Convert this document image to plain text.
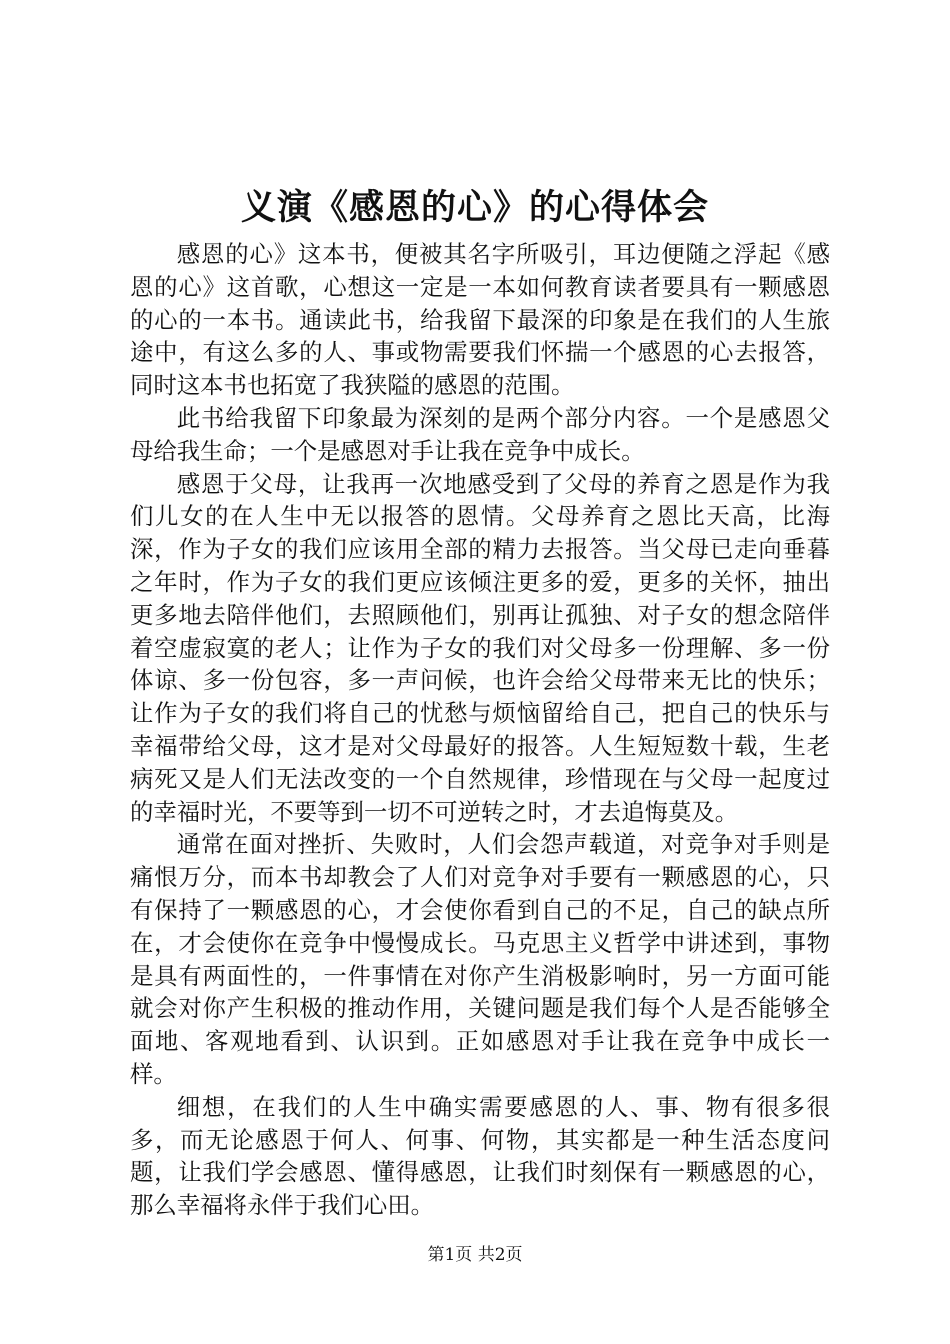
义演《感恩的心》的心得体会

感恩的心》这本书，便被其名字所吸引，耳边便随之浮起《感恩的心》这首歌，心想这一定是一本如何教育读者要具有一颗感恩的心的一本书。通读此书，给我留下最深的印象是在我们的人生旅途中，有这么多的人、事或物需要我们怀揣一个感恩的心去报答，同时这本书也拓宽了我狭隘的感恩的范围。

此书给我留下印象最为深刻的是两个部分内容。一个是感恩父母给我生命；一个是感恩对手让我在竞争中成长。

感恩于父母，让我再一次地感受到了父母的养育之恩是作为我们儿女的在人生中无以报答的恩情。父母养育之恩比天高，比海深，作为子女的我们应该用全部的精力去报答。当父母已走向垂暮之年时，作为子女的我们更应该倾注更多的爱，更多的关怀，抽出更多地去陪伴他们，去照顾他们，别再让孤独、对子女的想念陪伴着空虚寂寞的老人；让作为子女的我们对父母多一份理解、多一份体谅、多一份包容，多一声问候，也许会给父母带来无比的快乐；让作为子女的我们将自己的忧愁与烦恼留给自己，把自己的快乐与幸福带给父母，这才是对父母最好的报答。人生短短数十载，生老病死又是人们无法改变的一个自然规律，珍惜现在与父母一起度过的幸福时光，不要等到一切不可逆转之时，才去追悔莫及。

通常在面对挫折、失败时，人们会怨声载道，对竞争对手则是痛恨万分，而本书却教会了人们对竞争对手要有一颗感恩的心，只有保持了一颗感恩的心，才会使你看到自己的不足，自己的缺点所在，才会使你在竞争中慢慢成长。马克思主义哲学中讲述到，事物是具有两面性的，一件事情在对你产生消极影响时，另一方面可能就会对你产生积极的推动作用，关键问题是我们每个人是否能够全面地、客观地看到、认识到。正如感恩对手让我在竞争中成长一样。

细想，在我们的人生中确实需要感恩的人、事、物有很多很多，而无论感恩于何人、何事、何物，其实都是一种生活态度问题，让我们学会感恩、懂得感恩，让我们时刻保有一颗感恩的心，那么幸福将永伴于我们心田。

第1页 共2页
